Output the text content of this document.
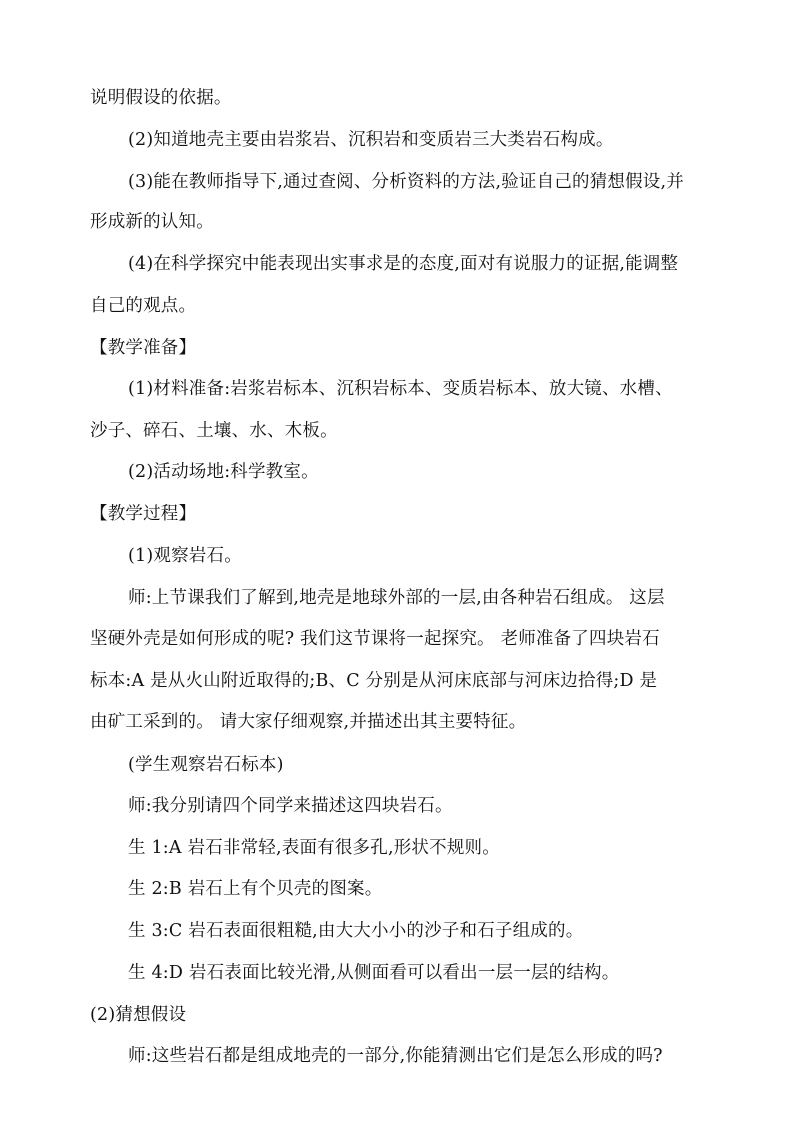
说明假设的依据。
(2)知道地壳主要由岩浆岩、沉积岩和变质岩三大类岩石构成。
(3)能在教师指导下,通过查阅、分析资料的方法,验证自己的猜想假设,并
形成新的认知。
(4)在科学探究中能表现出实事求是的态度,面对有说服力的证据,能调整
自己的观点。
【教学准备】
(1)材料准备:岩浆岩标本、沉积岩标本、变质岩标本、放大镜、水槽、
沙子、碎石、土壤、水、木板。
(2)活动场地:科学教室。
【教学过程】
(1)观察岩石。
师:上节课我们了解到,地壳是地球外部的一层,由各种岩石组成。 这层
坚硬外壳是如何形成的呢? 我们这节课将一起探究。 老师准备了四块岩石
标本:A 是从火山附近取得的;B、C 分别是从河床底部与河床边拾得;D 是
由矿工采到的。 请大家仔细观察,并描述出其主要特征。
(学生观察岩石标本)
师:我分别请四个同学来描述这四块岩石。
生 1:A 岩石非常轻,表面有很多孔,形状不规则。
生 2:B 岩石上有个贝壳的图案。
生 3:C 岩石表面很粗糙,由大大小小的沙子和石子组成的。
生 4:D 岩石表面比较光滑,从侧面看可以看出一层一层的结构。
(2)猜想假设
师:这些岩石都是组成地壳的一部分,你能猜测出它们是怎么形成的吗?
